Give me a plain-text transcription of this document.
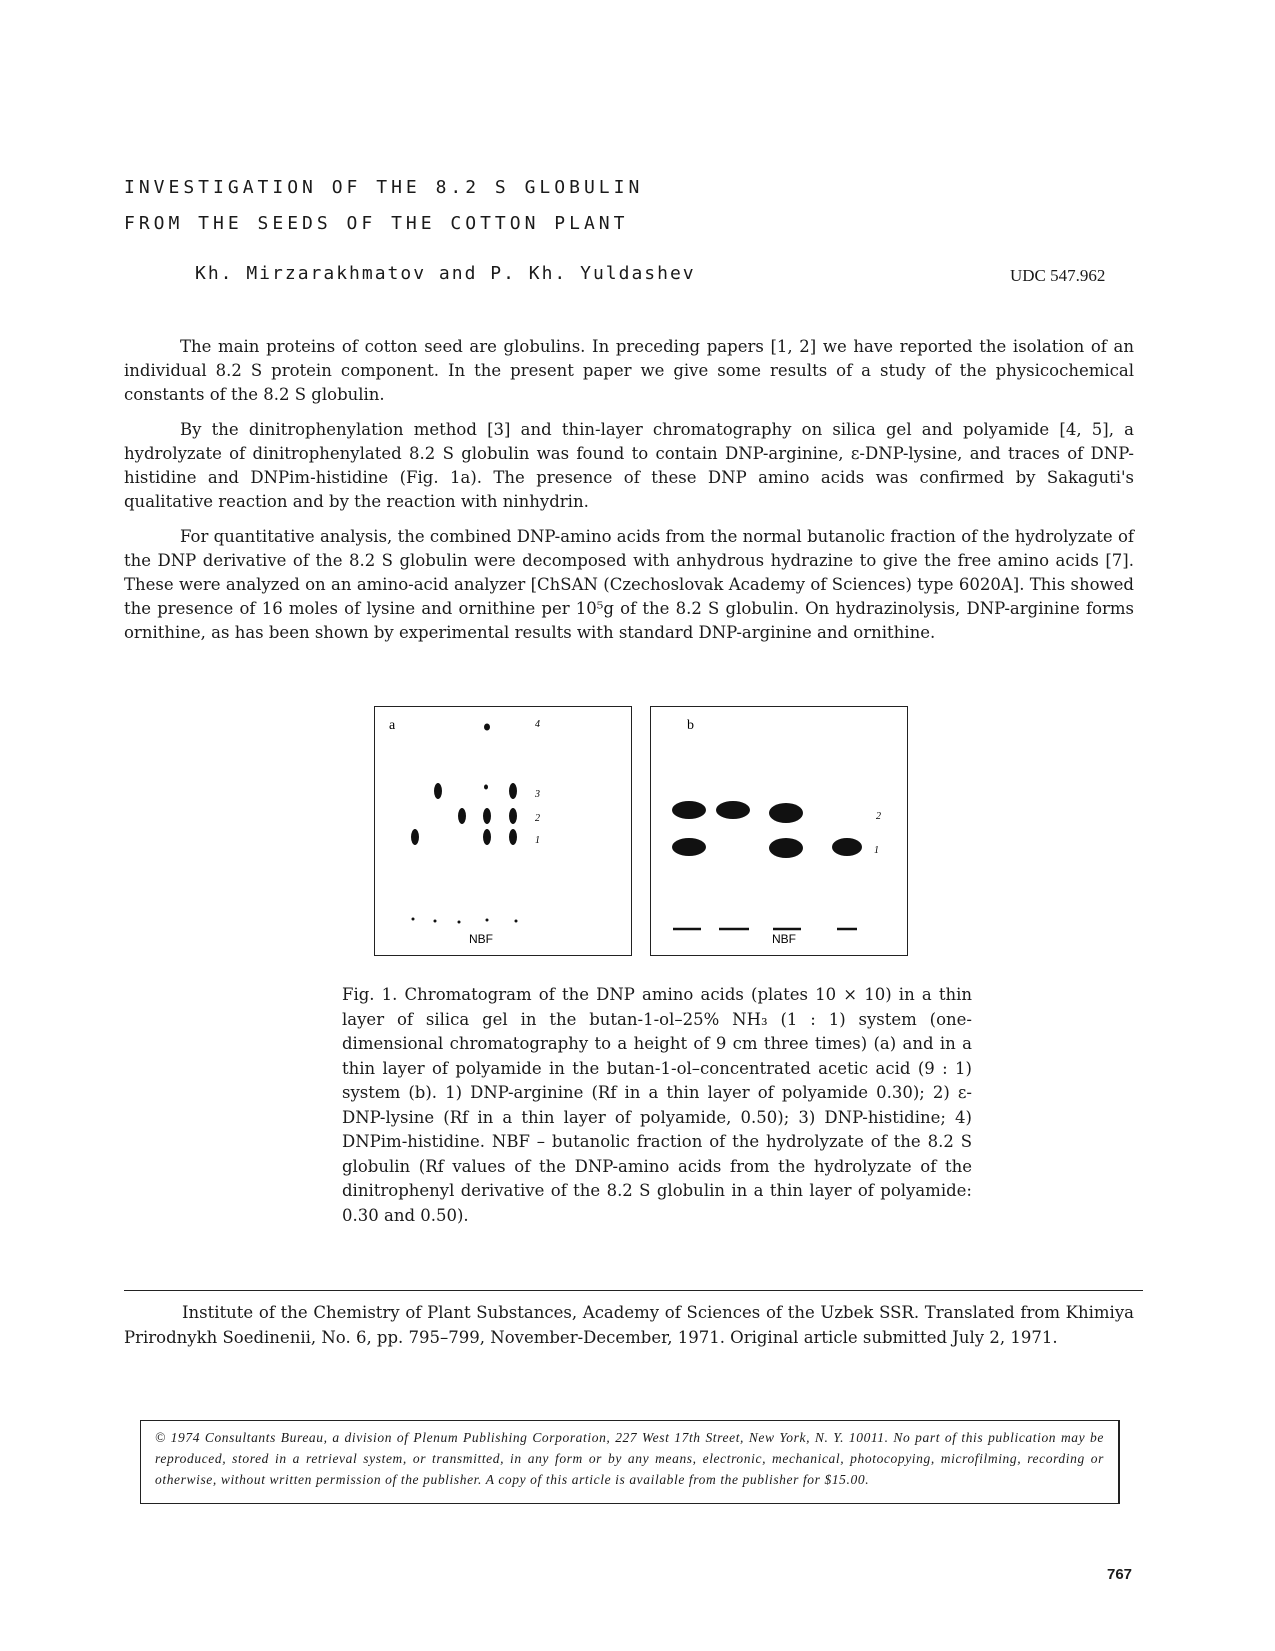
INVESTIGATION OF THE 8.2 S GLOBULIN
FROM THE SEEDS OF THE COTTON PLANT
Kh. Mirzarakhmatov and P. Kh. Yuldashev	UDC 547.962

The main proteins of cotton seed are globulins. In preceding papers [1, 2] we have reported the isolation of an individual 8.2 S protein component. In the present paper we give some results of a study of the physicochemical constants of the 8.2 S globulin.

By the dinitrophenylation method [3] and thin-layer chromatography on silica gel and polyamide [4, 5], a hydrolyzate of dinitrophenylated 8.2 S globulin was found to contain DNP-arginine, ε-DNP-lysine, and traces of DNP-histidine and DNPim-histidine (Fig. 1a). The presence of these DNP amino acids was confirmed by Sakaguti's qualitative reaction and by the reaction with ninhydrin.

For quantitative analysis, the combined DNP-amino acids from the normal butanolic fraction of the hydrolyzate of the DNP derivative of the 8.2 S globulin were decomposed with anhydrous hydrazine to give the free amino acids [7]. These were analyzed on an amino-acid analyzer [ChSAN (Czechoslovak Academy of Sciences) type 6020A]. This showed the presence of 16 moles of lysine and ornithine per 10⁵g of the 8.2 S globulin. On hydrazinolysis, DNP-arginine forms ornithine, as has been shown by experimental results with standard DNP-arginine and ornithine.

a	4
3
2
1
NBF
b
2
1
NBF

Fig. 1. Chromatogram of the DNP amino acids (plates 10 × 10) in a thin layer of silica gel in the butan-1-ol–25% NH₃ (1 : 1) system (one-dimensional chromatography to a height of 9 cm three times) (a) and in a thin layer of polyamide in the butan-1-ol–concentrated acetic acid (9 : 1) system (b). 1) DNP-arginine (Rf in a thin layer of polyamide 0.30); 2) ε-DNP-lysine (Rf in a thin layer of polyamide, 0.50); 3) DNP-histidine; 4) DNPim-histidine. NBF – butanolic fraction of the hydrolyzate of the 8.2 S globulin (Rf values of the DNP-amino acids from the hydrolyzate of the dinitrophenyl derivative of the 8.2 S globulin in a thin layer of polyamide: 0.30 and 0.50).

Institute of the Chemistry of Plant Substances, Academy of Sciences of the Uzbek SSR. Translated from Khimiya Prirodnykh Soedinenii, No. 6, pp. 795–799, November-December, 1971. Original article submitted July 2, 1971.

© 1974 Consultants Bureau, a division of Plenum Publishing Corporation, 227 West 17th Street, New York, N. Y. 10011. No part of this publication may be reproduced, stored in a retrieval system, or transmitted, in any form or by any means, electronic, mechanical, photocopying, microfilming, recording or otherwise, without written permission of the publisher. A copy of this article is available from the publisher for $15.00.

767
